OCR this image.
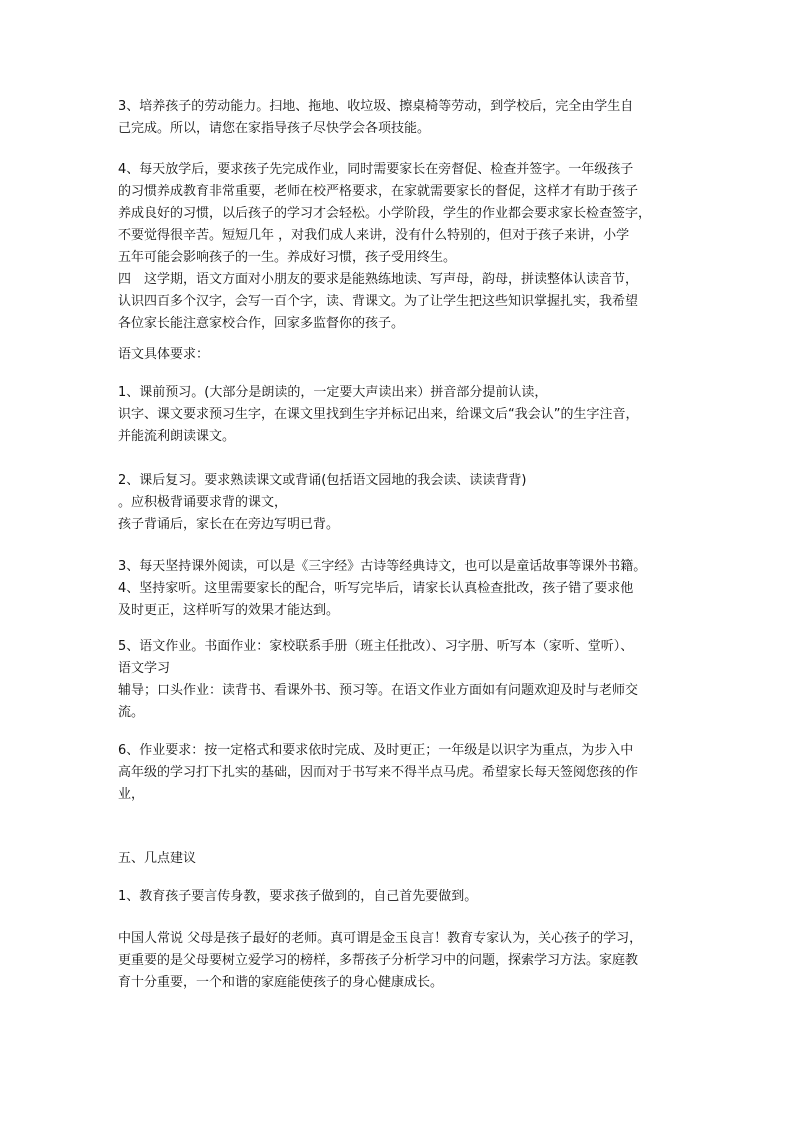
3、培养孩子的劳动能力。扫地、拖地、收垃圾、擦桌椅等劳动，到学校后，完全由学生自
己完成。所以，请您在家指导孩子尽快学会各项技能。
4、每天放学后，要求孩子先完成作业，同时需要家长在旁督促、检查并签字。一年级孩子
的习惯养成教育非常重要，老师在校严格要求，在家就需要家长的督促，这样才有助于孩子
养成良好的习惯，以后孩子的学习才会轻松。小学阶段，学生的作业都会要求家长检查签字，
不要觉得很辛苦。短短几年 ，对我们成人来讲，没有什么特别的，但对于孩子来讲，小学
五年可能会影响孩子的一生。养成好习惯，孩子受用终生。
四　这学期，语文方面对小朋友的要求是能熟练地读、写声母，韵母，拼读整体认读音节，
认识四百多个汉字，会写一百个字，读、背课文。为了让学生把这些知识掌握扎实，我希望
各位家长能注意家校合作，回家多监督你的孩子。
语文具体要求：
1、课前预习。(大部分是朗读的，一定要大声读出来）拼音部分提前认读，
识字、课文要求预习生字，在课文里找到生字并标记出来，给课文后“我会认”的生字注音，
并能流利朗读课文。
2、课后复习。要求熟读课文或背诵(包括语文园地的我会读、读读背背)
。应积极背诵要求背的课文，
孩子背诵后，家长在在旁边写明已背。
3、每天坚持课外阅读，可以是《三字经》古诗等经典诗文，也可以是童话故事等课外书籍。
4、坚持家听。这里需要家长的配合，听写完毕后，请家长认真检查批改，孩子错了要求他
及时更正，这样听写的效果才能达到。
5、语文作业。书面作业：家校联系手册（班主任批改）、习字册、听写本（家听、堂听）、
语文学习
辅导；口头作业：读背书、看课外书、预习等。在语文作业方面如有问题欢迎及时与老师交
流。
6、作业要求：按一定格式和要求依时完成、及时更正；一年级是以识字为重点，为步入中
高年级的学习打下扎实的基础，因而对于书写来不得半点马虎。希望家长每天签阅您孩的作
业，
五、几点建议
1、教育孩子要言传身教，要求孩子做到的，自己首先要做到。
中国人常说 父母是孩子最好的老师。真可谓是金玉良言！教育专家认为，关心孩子的学习，
更重要的是父母要树立爱学习的榜样，多帮孩子分析学习中的问题，探索学习方法。家庭教
育十分重要，一个和谐的家庭能使孩子的身心健康成长。
